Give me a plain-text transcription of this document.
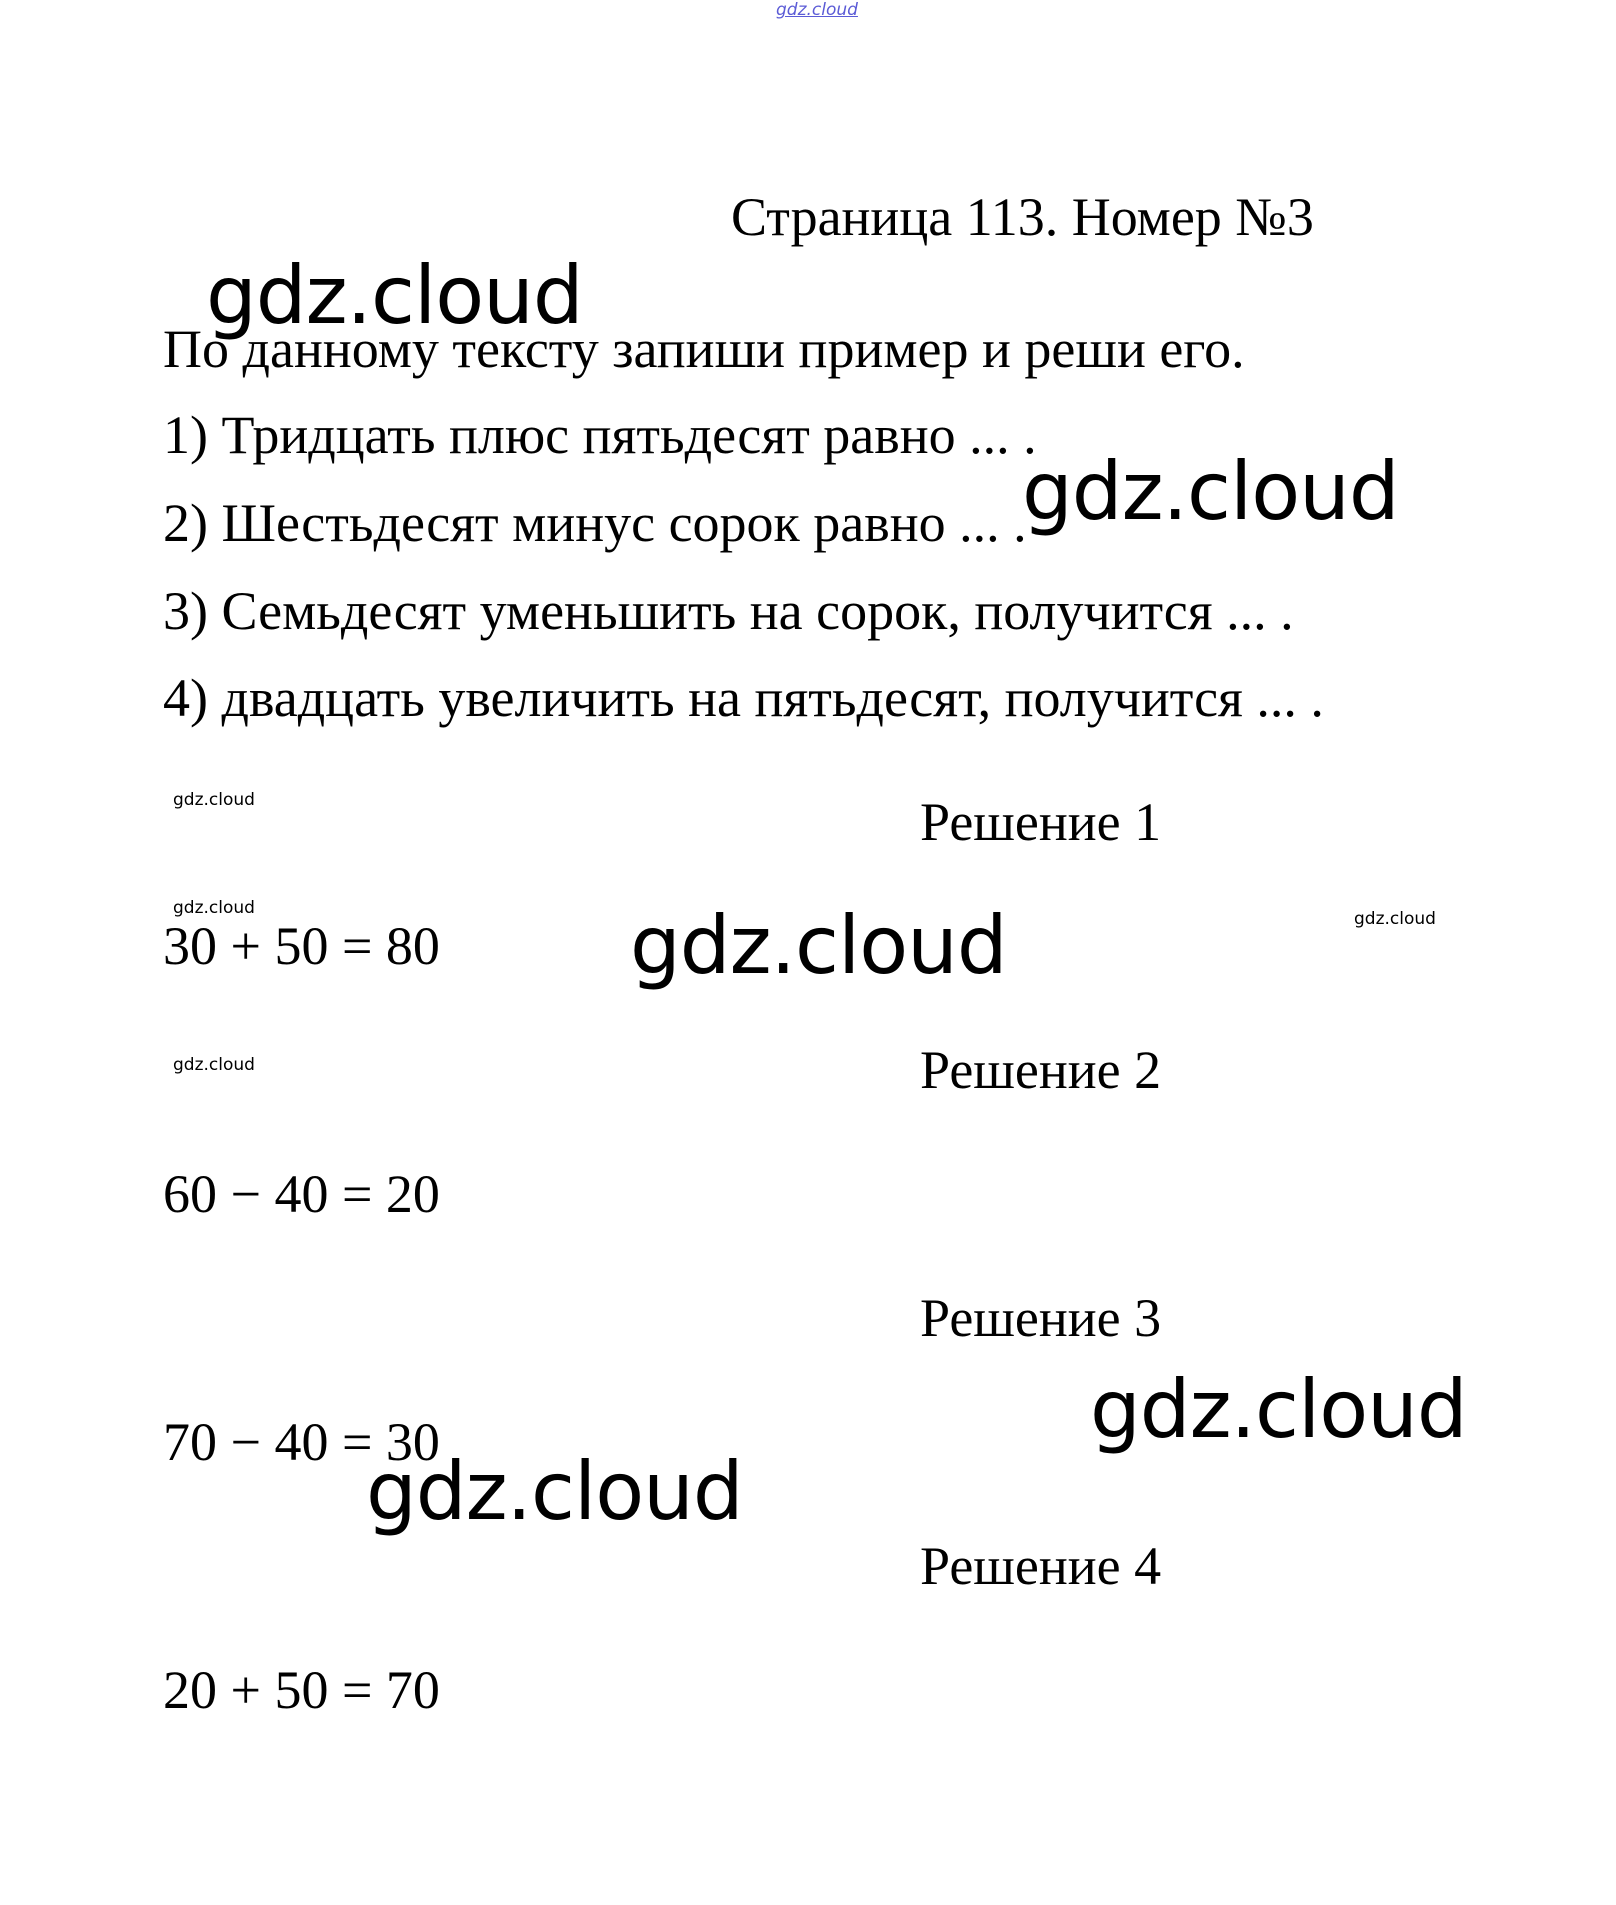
gdz.cloud
Страница 113. Номер №3
По данному тексту запиши пример и реши его.
1) Тридцать плюс пятьдесят равно ... .
2) Шестьдесят минус сорок равно ... .
3) Семьдесят уменьшить на сорок, получится ... .
4) двадцать увеличить на пятьдесят, получится ... .
Решение 1
30 + 50 = 80
Решение 2
60 − 40 = 20
Решение 3
70 − 40 = 30
Решение 4
20 + 50 = 70
gdz.cloud
gdz.cloud
gdz.cloud
gdz.cloud
gdz.cloud
gdz.cloud
gdz.cloud
gdz.cloud
gdz.cloud
